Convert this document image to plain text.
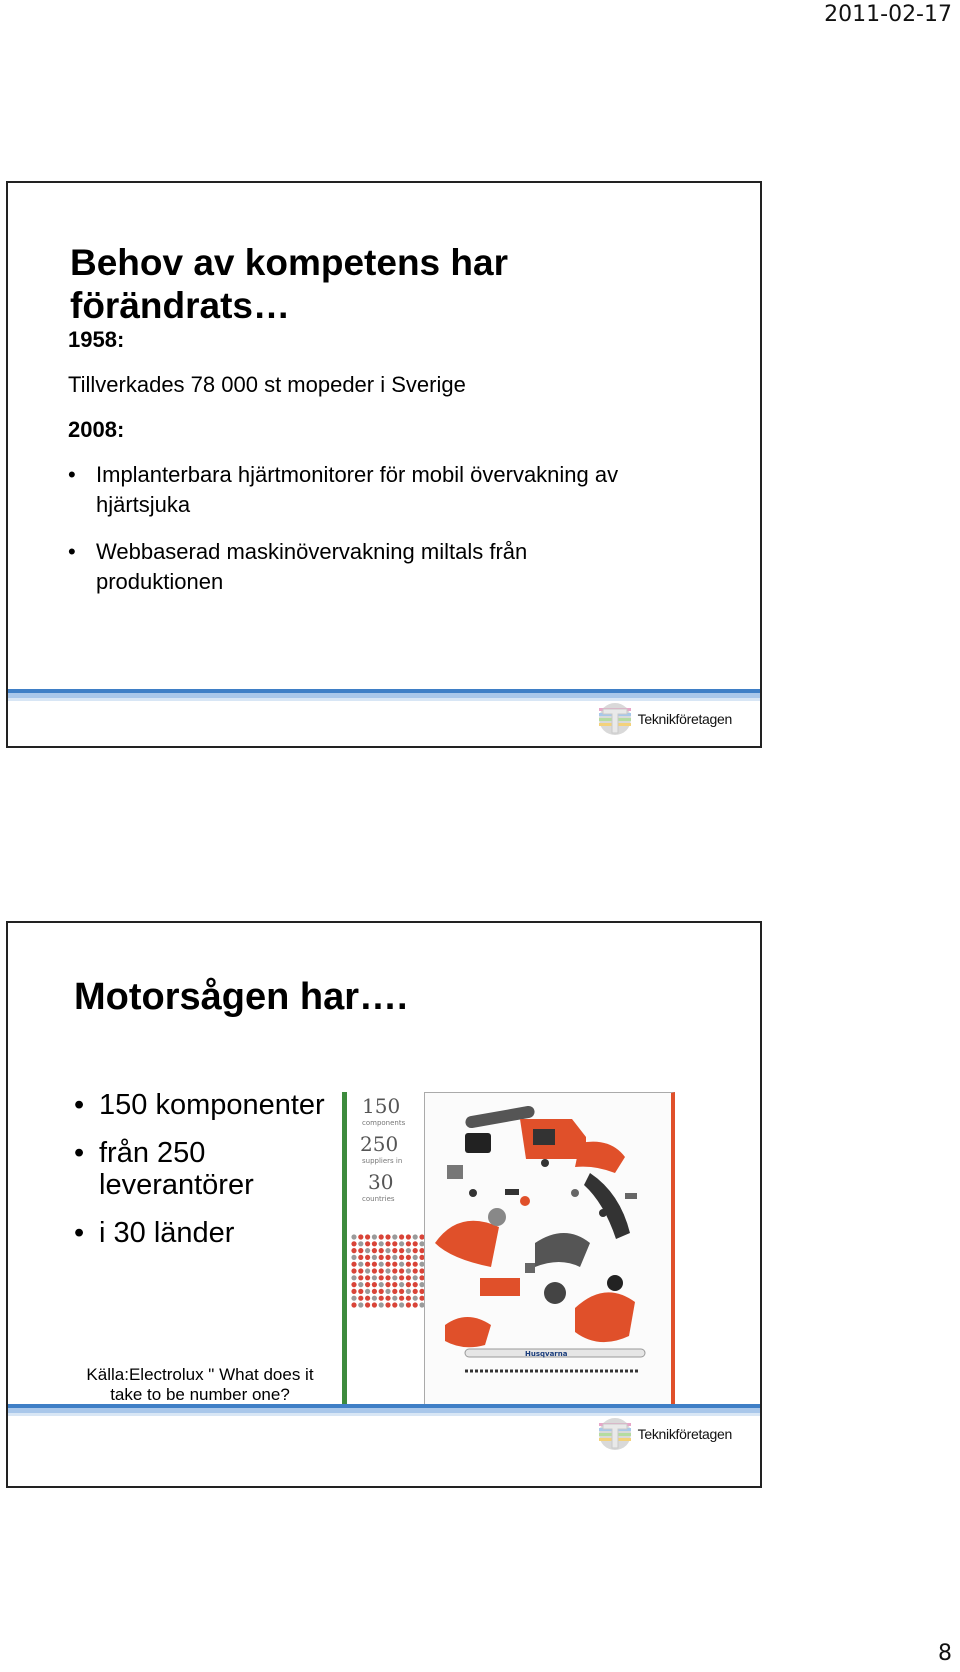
2011-02-17
Behov av kompetens har
förändrats…

1958:

Tillverkades 78 000 st mopeder i Sverige

2008:

• Implanterbara hjärtmonitorer för mobil övervakning av
hjärtsjuka
• Webbaserad maskinövervakning miltals från
produktionen
Teknikföretagen
Motorsågen har….
• 150 komponenter
• från 250
leverantörer
• i 30 länder
Källa:Electrolux " What does it
take to be number one?
150
components
250
suppliers in
30
countries
Husqvarna
Teknikföretagen
8
